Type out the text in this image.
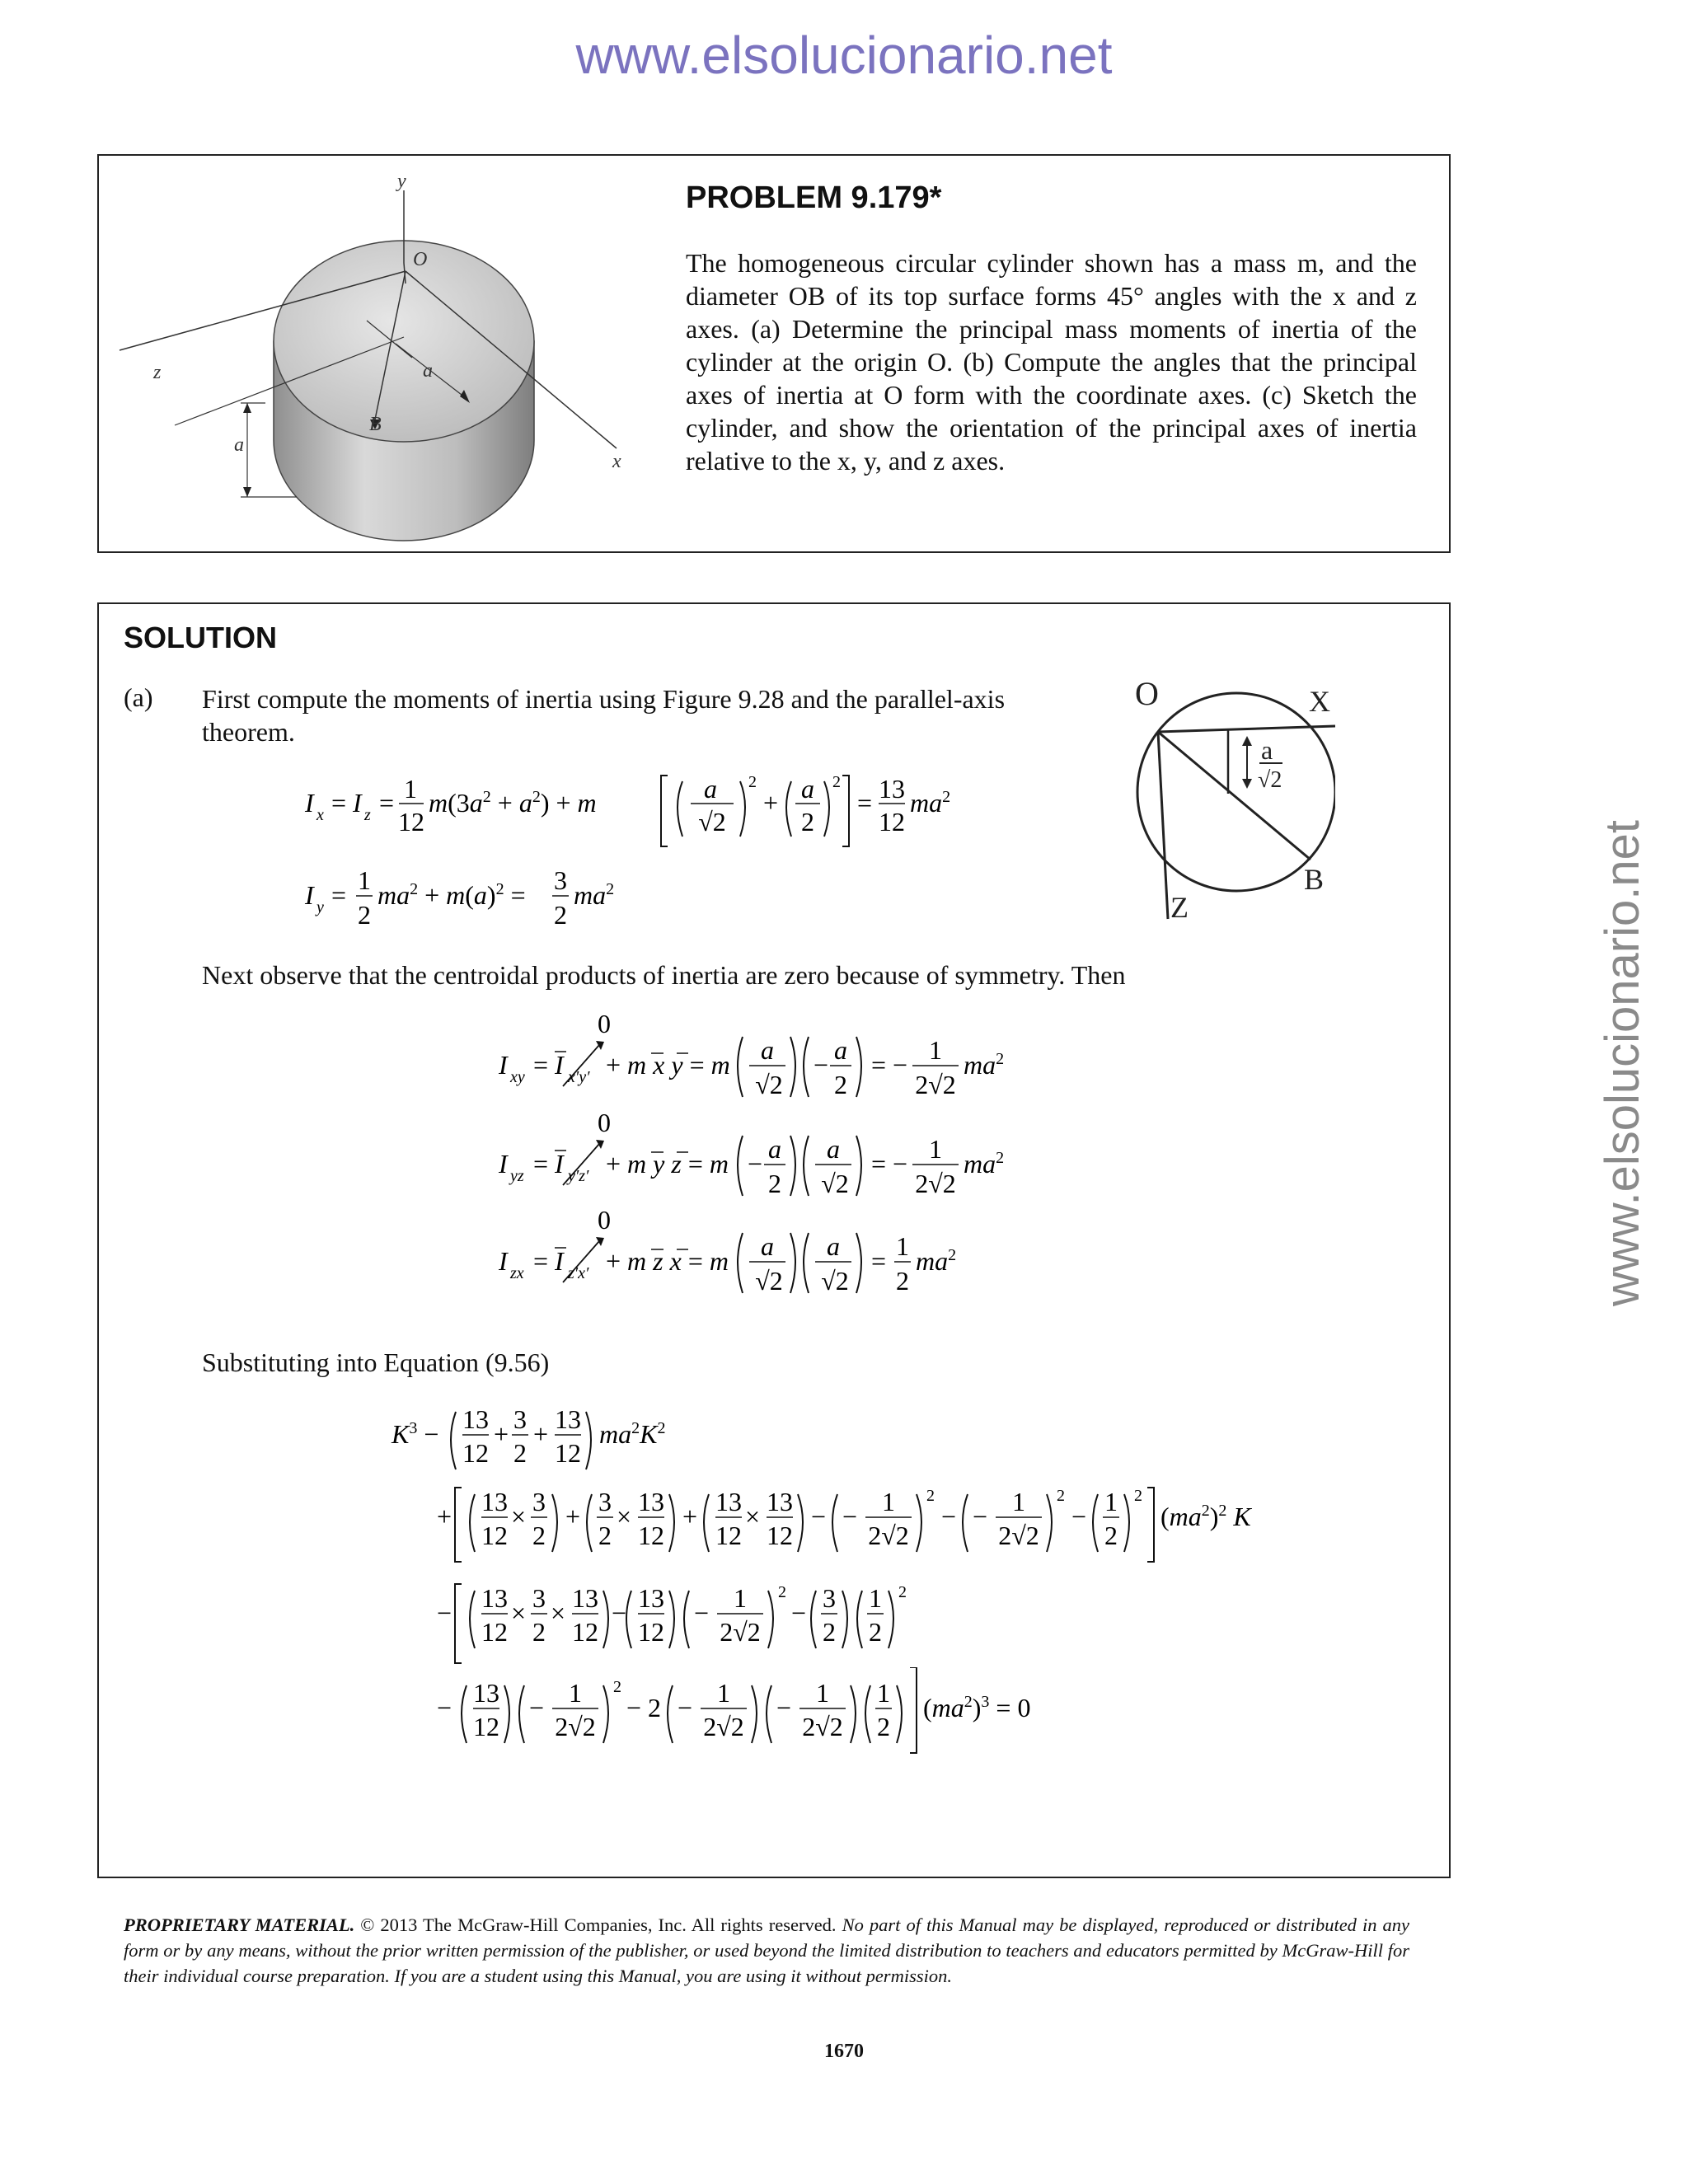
www.elsolucionario.net
www.elsolucionario.net
y
O
z	a
B
a
x
PROBLEM 9.179*
The homogeneous circular cylinder shown has a mass m, and the diameter OB of its top surface forms 45° angles with the x and z axes. (a) Determine the principal mass moments of inertia of the cylinder at the origin O. (b) Compute the angles that the principal axes of inertia at O form with the coordinate axes. (c) Sketch the cylinder, and show the orientation of the principal axes of inertia relative to the x, y, and z axes.
SOLUTION
(a) First compute the moments of inertia using Figure 9.28 and the parallel-axis theorem.
O	X
a
√2
B
Z
I x = I z = 1
12
$m(3a^2 + a^2) + m$	a
√2
2
+ a
2
2
= 13
12
$ma^2$
I y = 1
2
$ma^2 + m(a)^2 = 3$
2
$ma^2$
Next observe that the centroidal products of inertia are zero because of symmetry. Then
0
I xy = I x′y′ + m x y = m a
√2
− a
2
= − 1
2√2
$ma^2$
0
I yz = I y′z′ + m y z = m − a
2
a
√2
= − 1
2√2
$ma^2$
0
I zx = I z′x′ + m z x = m a
√2
a
√2
= 1
2
$ma^2$
Substituting into Equation (9.56)
$K^3 - 13$
12
+ 3
2
+ 13
12
$ma^2K^2$
+ 13
12
× 3
2
+ 3
2
× 13
12
+ 13
12
× 13
12
− − 1
2√2
2
− − 1
2√2
2
− 1
2
2
$(ma^2)^2$ K
− 13
12
× 3
2
× 13
12
− 13
12
− 1
2√2
2
− 3
2
1
2
2
− 13
12
− 1
2√2
2
− 2 − 1
2√2
− 1
2√2
1
2
$(ma^2)^3 = 0$
PROPRIETARY MATERIAL. © 2013 The McGraw-Hill Companies, Inc. All rights reserved. No part of this Manual may be displayed, reproduced or distributed in any form or by any means, without the prior written permission of the publisher, or used beyond the limited distribution to teachers and educators permitted by McGraw-Hill for their individual course preparation. If you are a student using this Manual, you are using it without permission.
1670
